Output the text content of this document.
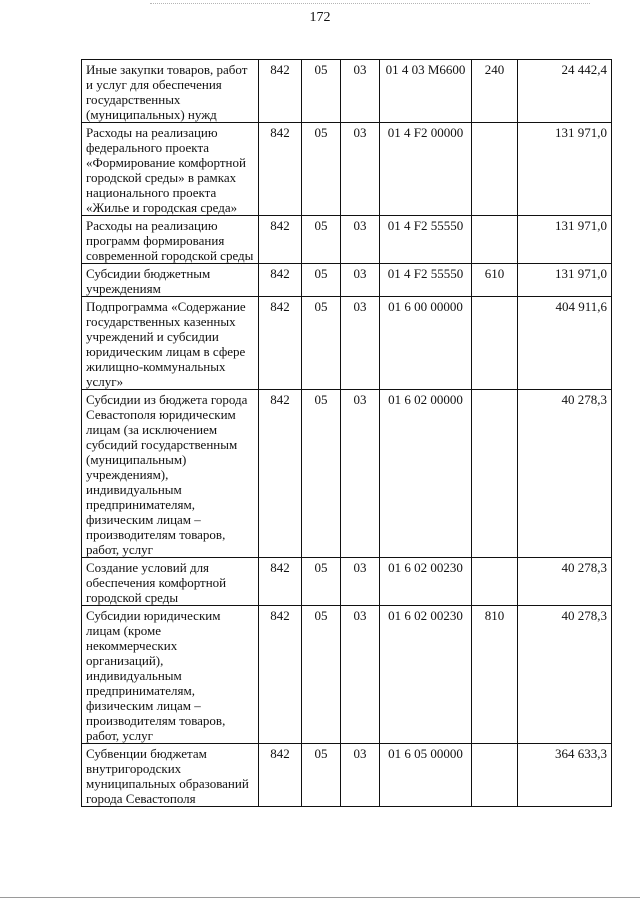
172
Иные закупки товаров, работ и услуг для обеспечения государственных (муниципальных) нужд	842	05	03	01 4 03 M6600	240	24 442,4
Расходы на реализацию федерального проекта «Формирование комфортной городской среды» в рамках национального проекта «Жилье и городская среда»	842	05	03	01 4 F2 00000		131 971,0
Расходы на реализацию программ формирования современной городской среды	842	05	03	01 4 F2 55550		131 971,0
Субсидии бюджетным учреждениям	842	05	03	01 4 F2 55550	610	131 971,0
Подпрограмма «Содержание государственных казенных учреждений и субсидии юридическим лицам в сфере жилищно-коммунальных услуг»	842	05	03	01 6 00 00000		404 911,6
Субсидии из бюджета города Севастополя юридическим лицам (за исключением субсидий государственным (муниципальным) учреждениям), индивидуальным предпринимателям, физическим лицам – производителям товаров, работ, услуг	842	05	03	01 6 02 00000		40 278,3
Создание условий для обеспечения комфортной городской среды	842	05	03	01 6 02 00230		40 278,3
Субсидии юридическим лицам (кроме некоммерческих организаций), индивидуальным предпринимателям, физическим лицам – производителям товаров, работ, услуг	842	05	03	01 6 02 00230	810	40 278,3
Субвенции бюджетам внутригородских муниципальных образований города Севастополя	842	05	03	01 6 05 00000		364 633,3
